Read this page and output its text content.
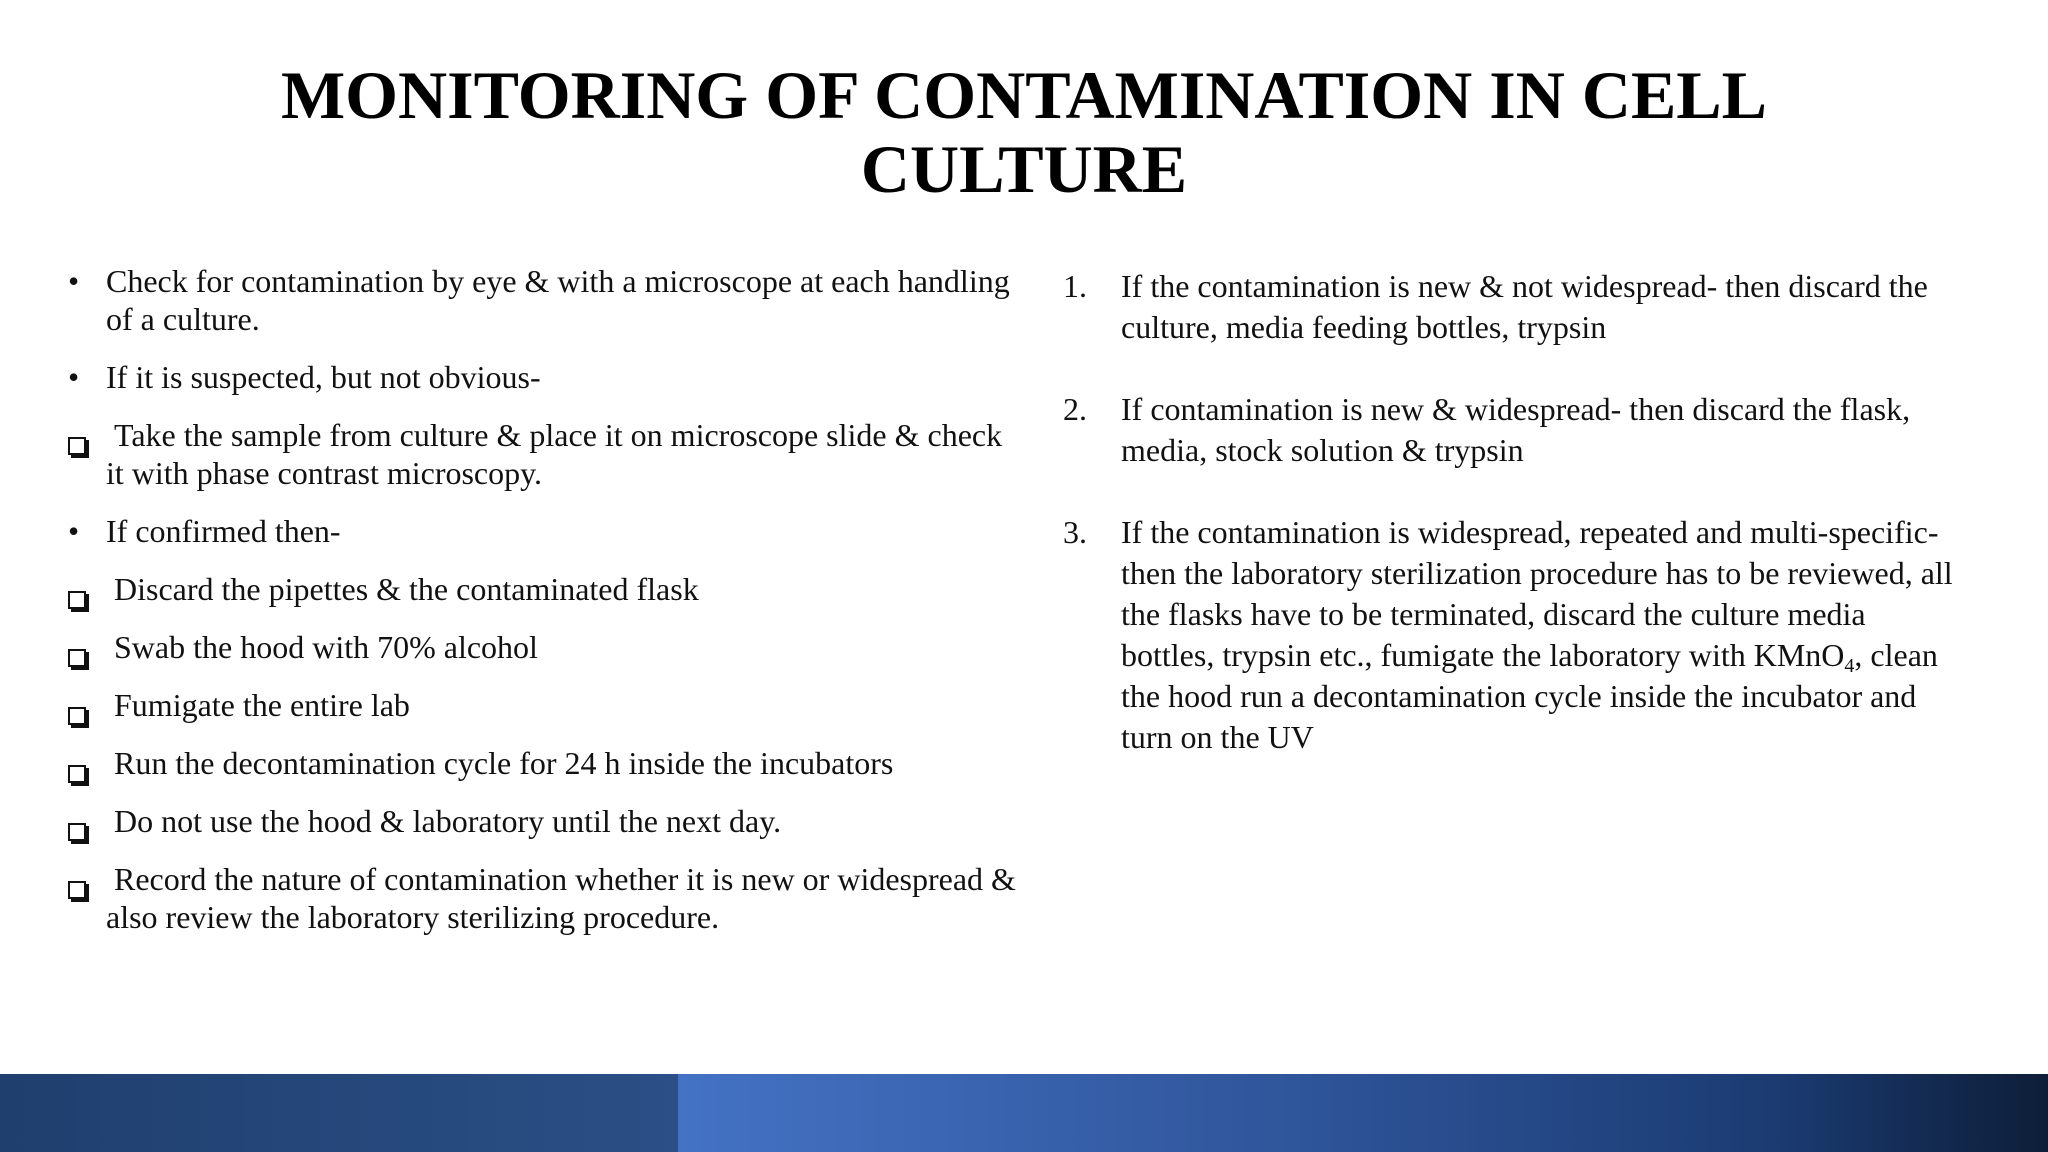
MONITORING OF CONTAMINATION IN CELL
CULTURE
• Check for contamination by eye & with a microscope at each handling of a culture.
• If it is suspected, but not obvious-
Take the sample from culture & place it on microscope slide & check it with phase contrast microscopy.
• If confirmed then-
Discard the pipettes & the contaminated flask
Swab the hood with 70% alcohol
Fumigate the entire lab
Run the decontamination cycle for 24 h inside the incubators
Do not use the hood & laboratory until the next day.
Record the nature of contamination whether it is new or widespread & also review the laboratory sterilizing procedure.
1. If the contamination is new & not widespread- then discard the culture, media feeding bottles, trypsin
2. If contamination is new & widespread- then discard the flask, media, stock solution & trypsin
3. If the contamination is widespread, repeated and multi-specific- then the laboratory sterilization procedure has to be reviewed, all the flasks have to be terminated, discard the culture media bottles, trypsin etc., fumigate the laboratory with KMnO$_4$, clean the hood run a decontamination cycle inside the incubator and turn on the UV
